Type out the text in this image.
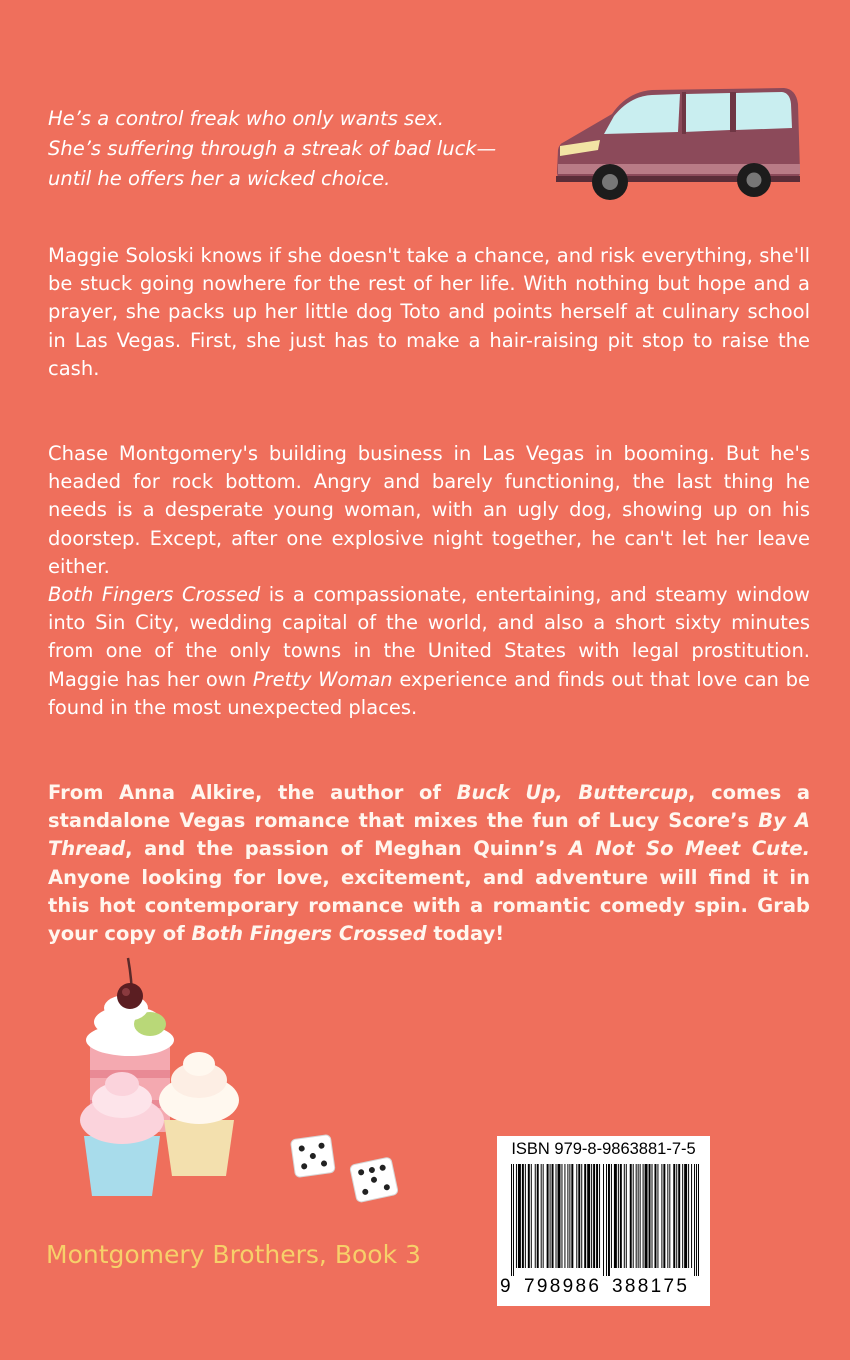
He’s a control freak who only wants sex.
She’s suffering through a streak of bad luck—
until he offers her a wicked choice.

Maggie Soloski knows if she doesn't take a chance, and risk everything, she'll be stuck going nowhere for the rest of her life. With nothing but hope and a prayer, she packs up her little dog Toto and points herself at culinary school in Las Vegas. First, she just has to make a hair-raising pit stop to raise the cash.

Chase Montgomery's building business in Las Vegas in booming. But he's headed for rock bottom. Angry and barely functioning, the last thing he needs is a desperate young woman, with an ugly dog, showing up on his doorstep. Except, after one explosive night together, he can't let her leave either.

Both Fingers Crossed is a compassionate, entertaining, and steamy window into Sin City, wedding capital of the world, and also a short sixty minutes from one of the only towns in the United States with legal prostitution. Maggie has her own Pretty Woman experience and finds out that love can be found in the most unexpected places.

From Anna Alkire, the author of Buck Up, Buttercup, comes a standalone Vegas romance that mixes the fun of Lucy Score’s By A Thread, and the passion of Meghan Quinn’s A Not So Meet Cute. Anyone looking for love, excitement, and adventure will find it in this hot contemporary romance with a romantic comedy spin. Grab your copy of Both Fingers Crossed today!

Montgomery Brothers, Book 3
ISBN 979-8-9863881-7-5
9 798986 388175
